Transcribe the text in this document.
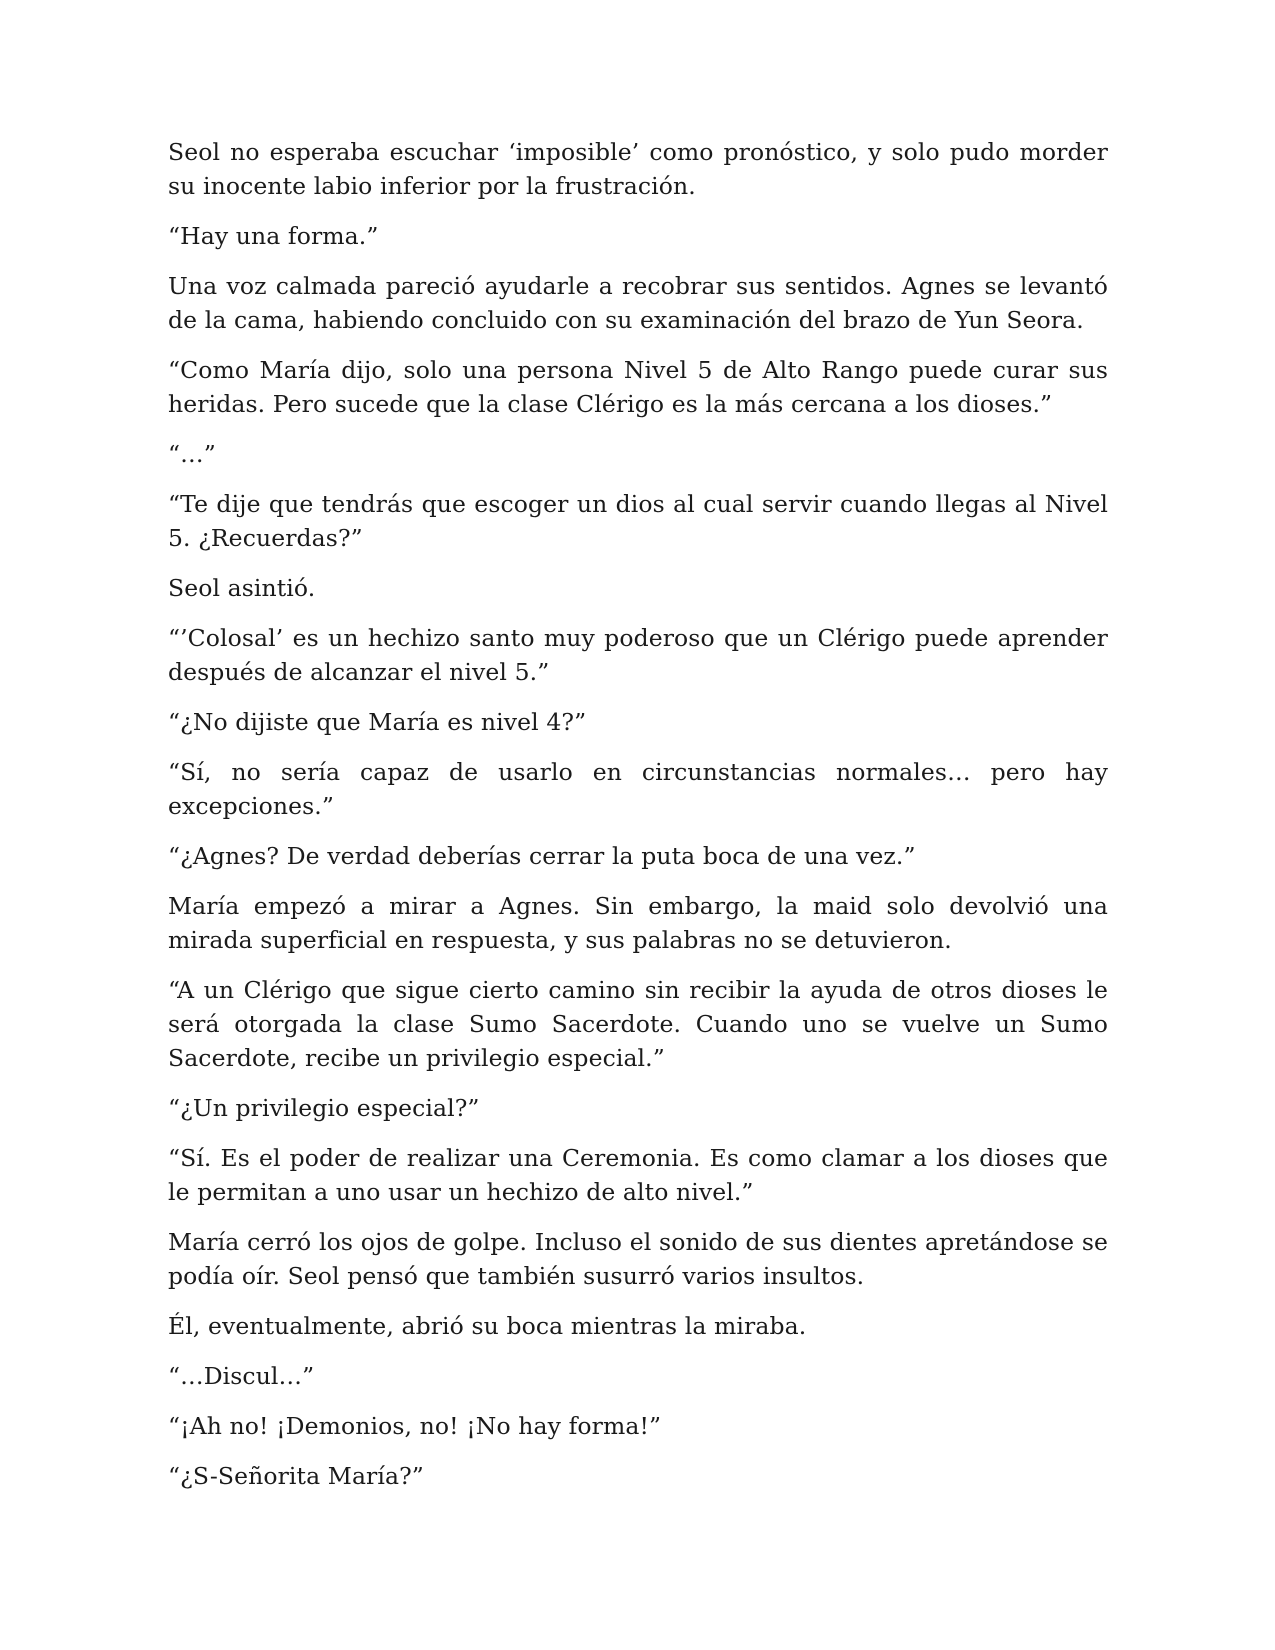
Seol no esperaba escuchar ‘imposible’ como pronóstico, y solo pudo morder su inocente labio inferior por la frustración.

“Hay una forma.”

Una voz calmada pareció ayudarle a recobrar sus sentidos. Agnes se levantó de la cama, habiendo concluido con su examinación del brazo de Yun Seora.

“Como María dijo, solo una persona Nivel 5 de Alto Rango puede curar sus heridas. Pero sucede que la clase Clérigo es la más cercana a los dioses.”

“…”

“Te dije que tendrás que escoger un dios al cual servir cuando llegas al Nivel 5. ¿Recuerdas?”

Seol asintió.

“’Colosal’ es un hechizo santo muy poderoso que un Clérigo puede aprender después de alcanzar el nivel 5.”

“¿No dijiste que María es nivel 4?”

“Sí, no sería capaz de usarlo en circunstancias normales… pero hay excepciones.”

“¿Agnes? De verdad deberías cerrar la puta boca de una vez.”

María empezó a mirar a Agnes. Sin embargo, la maid solo devolvió una mirada superficial en respuesta, y sus palabras no se detuvieron.

“A un Clérigo que sigue cierto camino sin recibir la ayuda de otros dioses le será otorgada la clase Sumo Sacerdote. Cuando uno se vuelve un Sumo Sacerdote, recibe un privilegio especial.”

“¿Un privilegio especial?”

“Sí. Es el poder de realizar una Ceremonia. Es como clamar a los dioses que le permitan a uno usar un hechizo de alto nivel.”

María cerró los ojos de golpe. Incluso el sonido de sus dientes apretándose se podía oír. Seol pensó que también susurró varios insultos.

Él, eventualmente, abrió su boca mientras la miraba.

“…Discul…”

“¡Ah no! ¡Demonios, no! ¡No hay forma!”

“¿S-Señorita María?”
